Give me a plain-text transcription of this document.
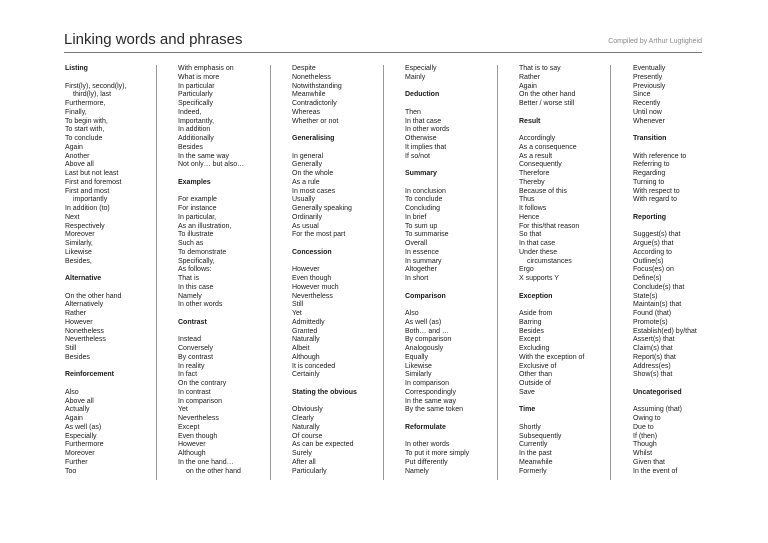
Linking words and phrases	Compiled by Arthur Lugtigheid
Listing
First(ly), second(ly),
third(ly), last
Furthermore,
Finally,
To begin with,
To start with,
To conclude
Again
Another
Above all
Last but not least
First and foremost
First and most
importantly
In addition (to)
Next
Respectively
Moreover
Similarly,
Likewise
Besides,
Alternative
On the other hand
Alternatively
Rather
However
Nonetheless
Nevertheless
Still
Besides
Reinforcement
Also
Above all
Actually
Again
As well (as)
Especially
Furthermore
Moreover
Further
Too
With emphasis on
What is more
In particular
Particularly
Specifically
Indeed,
Importantly,
In addition
Additionally
Besides
In the same way
Not only… but also…
Examples
For example
For instance
In particular,
As an illustration,
To illustrate
Such as
To demonstrate
Specifically,
As follows:
That is
In this case
Namely
In other words
Contrast
Instead
Conversely
By contrast
In reality
In fact
On the contrary
In contrast
In comparison
Yet
Nevertheless
Except
Even though
However
Although
In the one hand…
on the other hand
Despite
Nonetheless
Notwithstanding
Meanwhile
Contradictorily
Whereas
Whether or not
Generalising
In general
Generally
On the whole
As a rule
In most cases
Usually
Generally speaking
Ordinarily
As usual
For the most part
Concession
However
Even though
However much
Nevertheless
Still
Yet
Admittedly
Granted
Naturally
Albeit
Although
It is conceded
Certainly
Stating the obvious
Obviously
Clearly
Naturally
Of course
As can be expected
Surely
After all
Particularly
Especially
Mainly
Deduction
Then
In that case
In other words
Otherwise
It implies that
If so/not
Summary
In conclusion
To conclude
Concluding
In brief
To sum up
To summarise
Overall
In essence
In summary
Altogether
In short
Comparison
Also
As well (as)
Both… and …
By comparison
Analogously
Equally
Likewise
Similarly
In comparison
Correspondingly
In the same way
By the same token
Reformulate
In other words
To put it more simply
Put differently
Namely
That is to say
Rather
Again
On the other hand
Better / worse still
Result
Accordingly
As a consequence
As a result
Consequently
Therefore
Thereby
Because of this
Thus
It follows
Hence
For this/that reason
So that
In that case
Under these
circumstances
Ergo
X supports Y
Exception
Aside from
Barring
Besides
Except
Excluding
With the exception of
Exclusive of
Other than
Outside of
Save
Time
Shortly
Subsequently
Currently
In the past
Meanwhile
Formerly
Eventually
Presently
Previously
Since
Recently
Until now
Whenever
Transition
With reference to
Referring to
Regarding
Turning to
With respect to
With regard to
Reporting
Suggest(s) that
Argue(s) that
According to
Outline(s)
Focus(es) on
Define(s)
Conclude(s) that
State(s)
Maintain(s) that
Found (that)
Promote(s)
Establish(ed) by/that
Assert(s) that
Claim(s) that
Report(s) that
Address(es)
Show(s) that
Uncategorised
Assuming (that)
Owing to
Due to
If (then)
Though
Whilst
Given that
In the event of
